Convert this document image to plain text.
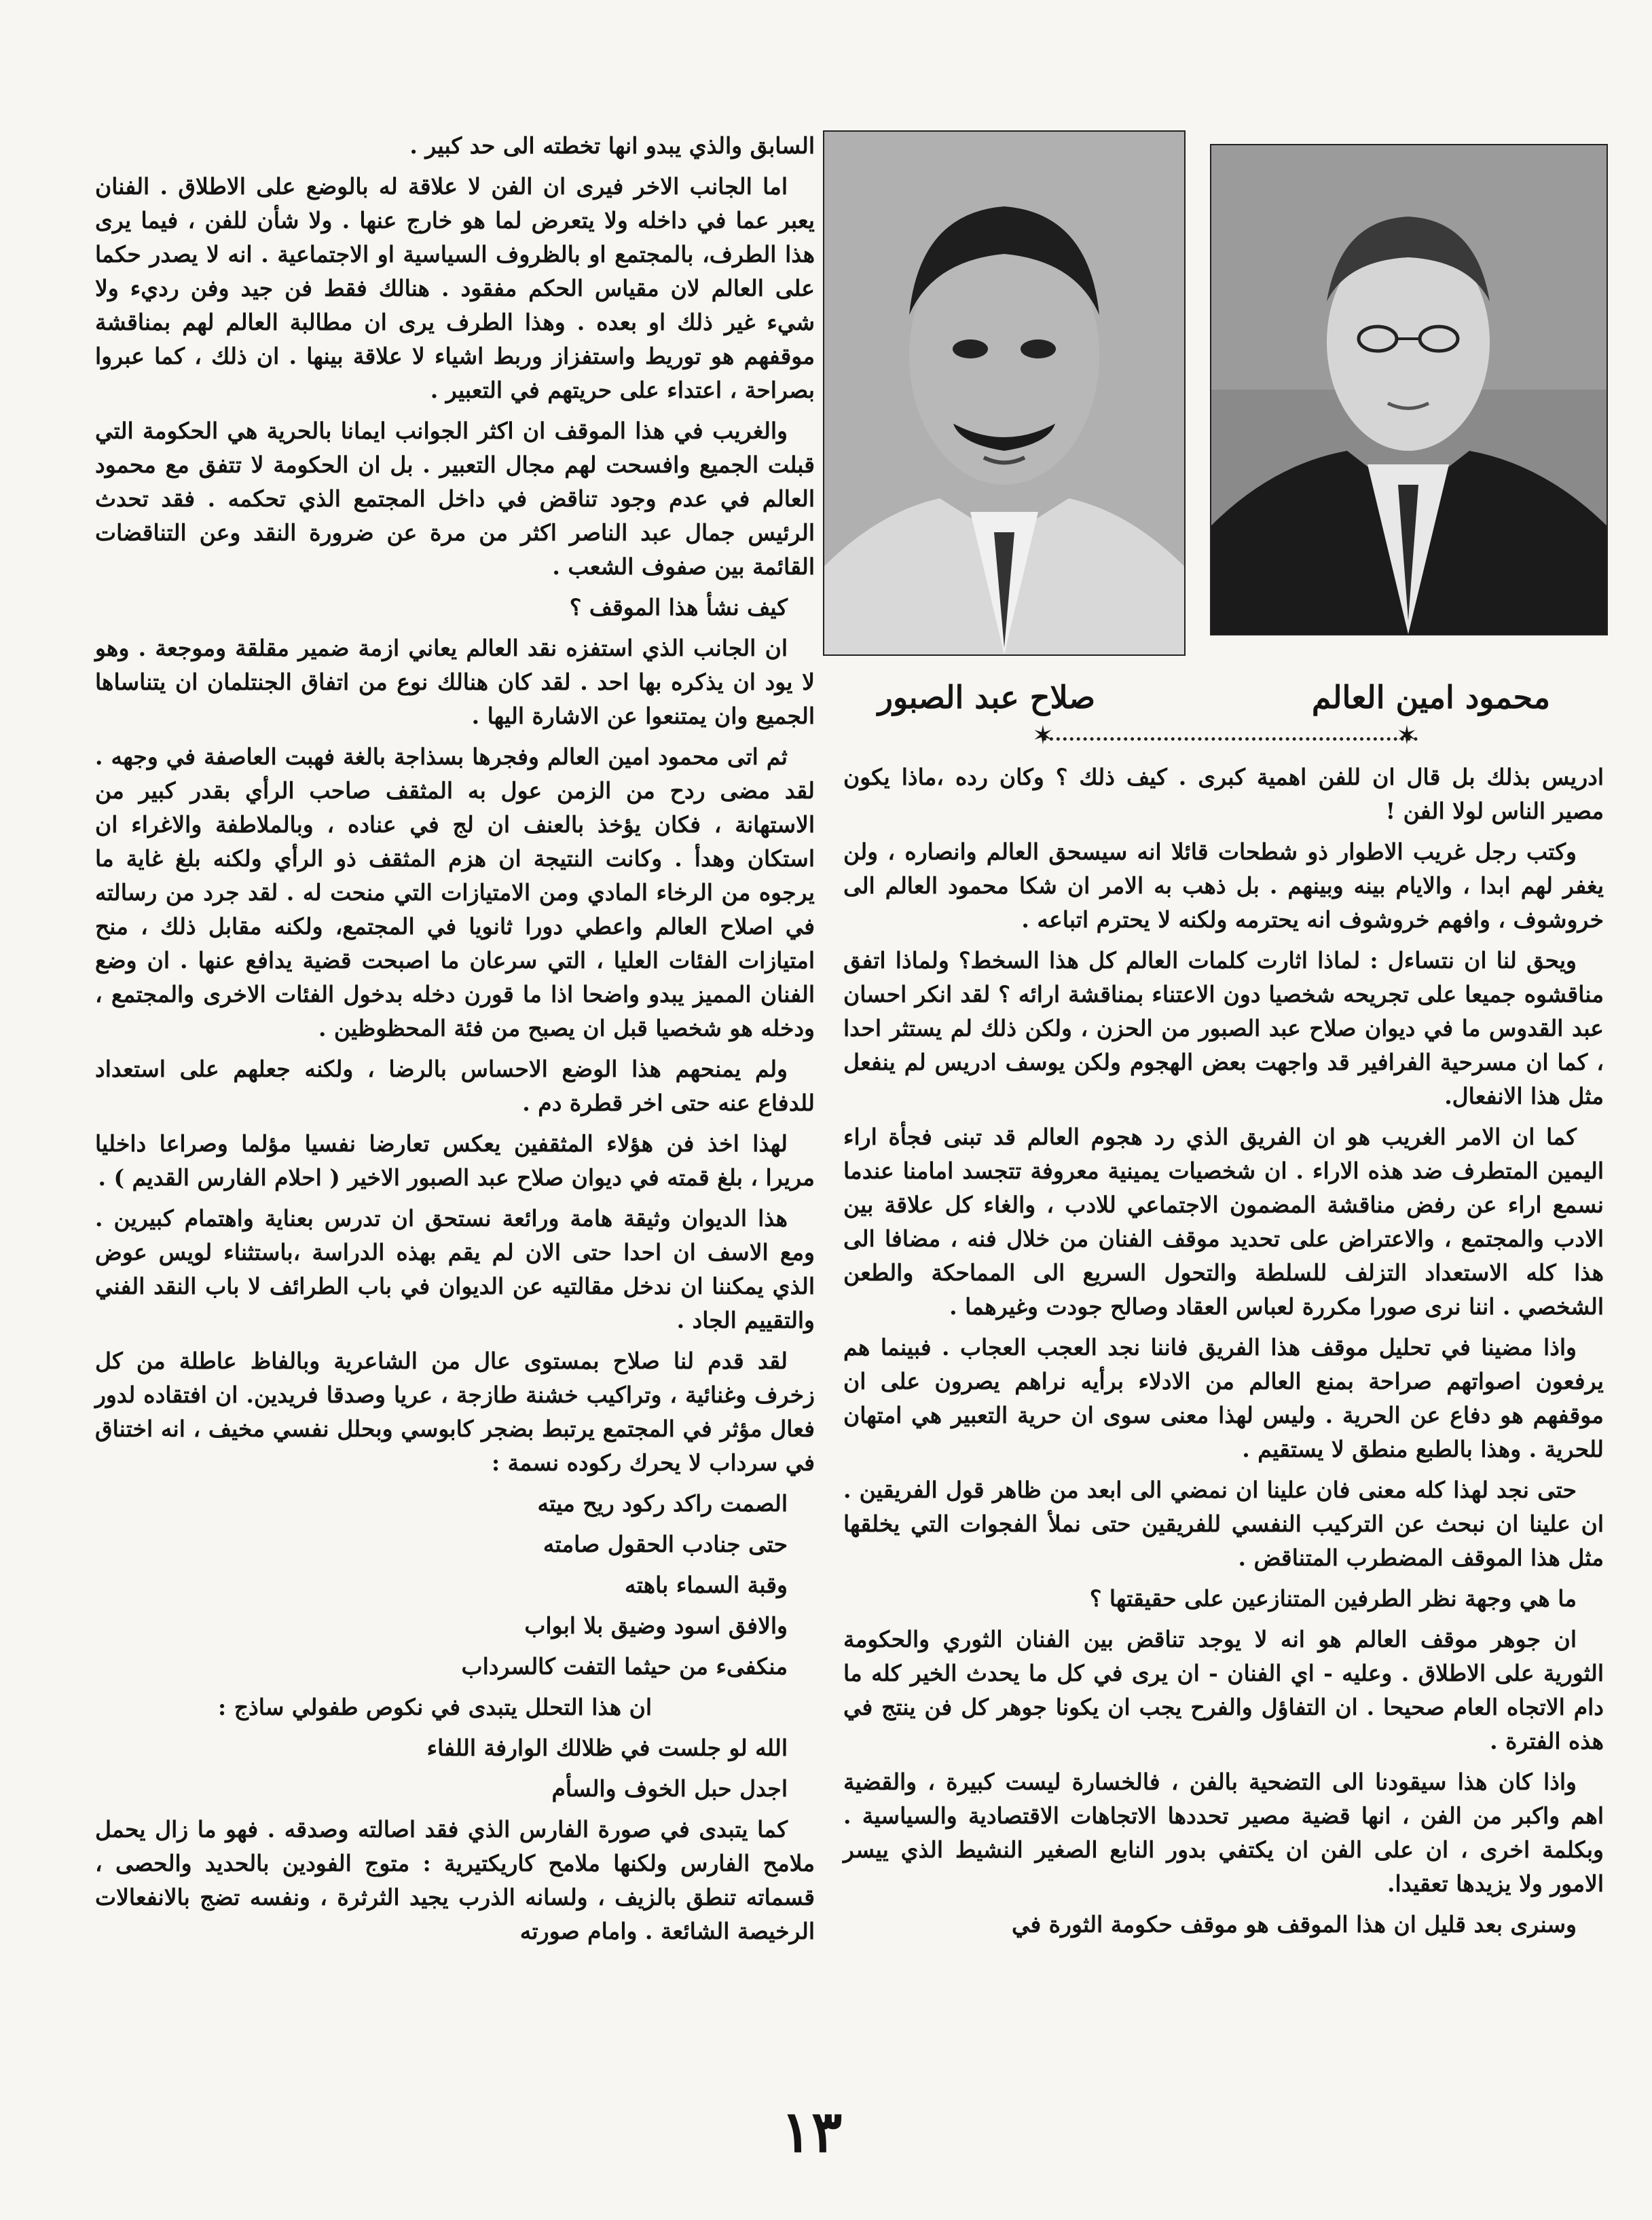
محمود امين العالم
صلاح عبد الصبور
✶
✶

ادريس بذلك بل قال ان للفن اهمية كبرى . كيف ذلك ؟ وكان رده ،ماذا يكون مصير الناس لولا الفن !

وكتب رجل غريب الاطوار ذو شطحات قائلا انه سيسحق العالم وانصاره ، ولن يغفر لهم ابدا ، والايام بينه وبينهم . بل ذهب به الامر ان شكا محمود العالم الى خروشوف ، وافهم خروشوف انه يحترمه ولكنه لا يحترم اتباعه .

ويحق لنا ان نتساءل : لماذا اثارت كلمات العالم كل هذا السخط؟ ولماذا اتفق مناقشوه جميعا على تجريحه شخصيا دون الاعتناء بمناقشة ارائه ؟ لقد انكر احسان عبد القدوس ما في ديوان صلاح عبد الصبور من الحزن ، ولكن ذلك لم يستثر احدا ، كما ان مسرحية الفرافير قد واجهت بعض الهجوم ولكن يوسف ادريس لم ينفعل مثل هذا الانفعال.

كما ان الامر الغريب هو ان الفريق الذي رد هجوم العالم قد تبنى فجأة اراء اليمين المتطرف ضد هذه الاراء . ان شخصيات يمينية معروفة تتجسد امامنا عندما نسمع اراء عن رفض مناقشة المضمون الاجتماعي للادب ، والغاء كل علاقة بين الادب والمجتمع ، والاعتراض على تحديد موقف الفنان من خلال فنه ، مضافا الى هذا كله الاستعداد التزلف للسلطة والتحول السريع الى المماحكة والطعن الشخصي . اننا نرى صورا مكررة لعباس العقاد وصالح جودت وغيرهما .

واذا مضينا في تحليل موقف هذا الفريق فاننا نجد العجب العجاب . فبينما هم يرفعون اصواتهم صراحة بمنع العالم من الادلاء برأيه نراهم يصرون على ان موقفهم هو دفاع عن الحرية . وليس لهذا معنى سوى ان حرية التعبير هي امتهان للحرية . وهذا بالطبع منطق لا يستقيم .

حتى نجد لهذا كله معنى فان علينا ان نمضي الى ابعد من ظاهر قول الفريقين . ان علينا ان نبحث عن التركيب النفسي للفريقين حتى نملأ الفجوات التي يخلقها مثل هذا الموقف المضطرب المتناقض .

ما هي وجهة نظر الطرفين المتنازعين على حقيقتها ؟

ان جوهر موقف العالم هو انه لا يوجد تناقض بين الفنان الثوري والحكومة الثورية على الاطلاق . وعليه - اي الفنان - ان يرى في كل ما يحدث الخير كله ما دام الاتجاه العام صحيحا . ان التفاؤل والفرح يجب ان يكونا جوهر كل فن ينتج في هذه الفترة .

واذا كان هذا سيقودنا الى التضحية بالفن ، فالخسارة ليست كبيرة ، والقضية اهم واكبر من الفن ، انها قضية مصير تحددها الاتجاهات الاقتصادية والسياسية . وبكلمة اخرى ، ان على الفن ان يكتفي بدور النابع الصغير النشيط الذي ييسر الامور ولا يزيدها تعقيدا.

وسنرى بعد قليل ان هذا الموقف هو موقف حكومة الثورة في

السابق والذي يبدو انها تخطته الى حد كبير .

اما الجانب الاخر فيرى ان الفن لا علاقة له بالوضع على الاطلاق . الفنان يعبر عما في داخله ولا يتعرض لما هو خارج عنها . ولا شأن للفن ، فيما يرى هذا الطرف، بالمجتمع او بالظروف السياسية او الاجتماعية . انه لا يصدر حكما على العالم لان مقياس الحكم مفقود . هنالك فقط فن جيد وفن رديء ولا شيء غير ذلك او بعده . وهذا الطرف يرى ان مطالبة العالم لهم بمناقشة موقفهم هو توريط واستفزاز وربط اشياء لا علاقة بينها . ان ذلك ، كما عبروا بصراحة ، اعتداء على حريتهم في التعبير .

والغريب في هذا الموقف ان اكثر الجوانب ايمانا بالحرية هي الحكومة التي قبلت الجميع وافسحت لهم مجال التعبير . بل ان الحكومة لا تتفق مع محمود العالم في عدم وجود تناقض في داخل المجتمع الذي تحكمه . فقد تحدث الرئيس جمال عبد الناصر اكثر من مرة عن ضرورة النقد وعن التناقضات القائمة بين صفوف الشعب .

كيف نشأ هذا الموقف ؟

ان الجانب الذي استفزه نقد العالم يعاني ازمة ضمير مقلقة وموجعة . وهو لا يود ان يذكره بها احد . لقد كان هنالك نوع من اتفاق الجنتلمان ان يتناساها الجميع وان يمتنعوا عن الاشارة اليها .

ثم اتى محمود امين العالم وفجرها بسذاجة بالغة فهبت العاصفة في وجهه . لقد مضى ردح من الزمن عول به المثقف صاحب الرأي بقدر كبير من الاستهانة ، فكان يؤخذ بالعنف ان لج في عناده ، وبالملاطفة والاغراء ان استكان وهدأ . وكانت النتيجة ان هزم المثقف ذو الرأي ولكنه بلغ غاية ما يرجوه من الرخاء المادي ومن الامتيازات التي منحت له . لقد جرد من رسالته في اصلاح العالم واعطي دورا ثانويا في المجتمع، ولكنه مقابل ذلك ، منح امتيازات الفئات العليا ، التي سرعان ما اصبحت قضية يدافع عنها . ان وضع الفنان المميز يبدو واضحا اذا ما قورن دخله بدخول الفئات الاخرى والمجتمع ، ودخله هو شخصيا قبل ان يصبح من فئة المحظوظين .

ولم يمنحهم هذا الوضع الاحساس بالرضا ، ولكنه جعلهم على استعداد للدفاع عنه حتى اخر قطرة دم .

لهذا اخذ فن هؤلاء المثقفين يعكس تعارضا نفسيا مؤلما وصراعا داخليا مريرا ، بلغ قمته في ديوان صلاح عبد الصبور الاخير ( احلام الفارس القديم ) .

هذا الديوان وثيقة هامة ورائعة نستحق ان تدرس بعناية واهتمام كبيرين . ومع الاسف ان احدا حتى الان لم يقم بهذه الدراسة ،باستثناء لويس عوض الذي يمكننا ان ندخل مقالتيه عن الديوان في باب الطرائف لا باب النقد الفني والتقييم الجاد .

لقد قدم لنا صلاح بمستوى عال من الشاعرية وبالفاظ عاطلة من كل زخرف وغنائية ، وتراكيب خشنة طازجة ، عريا وصدقا فريدين. ان افتقاده لدور فعال مؤثر في المجتمع يرتبط بضجر كابوسي وبحلل نفسي مخيف ، انه اختناق في سرداب لا يحرك ركوده نسمة :

الصمت راكد ركود ريح ميته

حتى جنادب الحقول صامته

وقبة السماء باهته

والافق اسود وضيق بلا ابواب

منكفىء من حيثما التفت كالسرداب

ان هذا التحلل يتبدى في نكوص طفولي ساذج :

الله لو جلست في ظلالك الوارفة اللفاء

اجدل حبل الخوف والسأم

كما يتبدى في صورة الفارس الذي فقد اصالته وصدقه . فهو ما زال يحمل ملامح الفارس ولكنها ملامح كاريكتيرية : متوج الفودين بالحديد والحصى ، قسماته تنطق بالزيف ، ولسانه الذرب يجيد الثرثرة ، ونفسه تضج بالانفعالات الرخيصة الشائعة . وامام صورته

١٣
